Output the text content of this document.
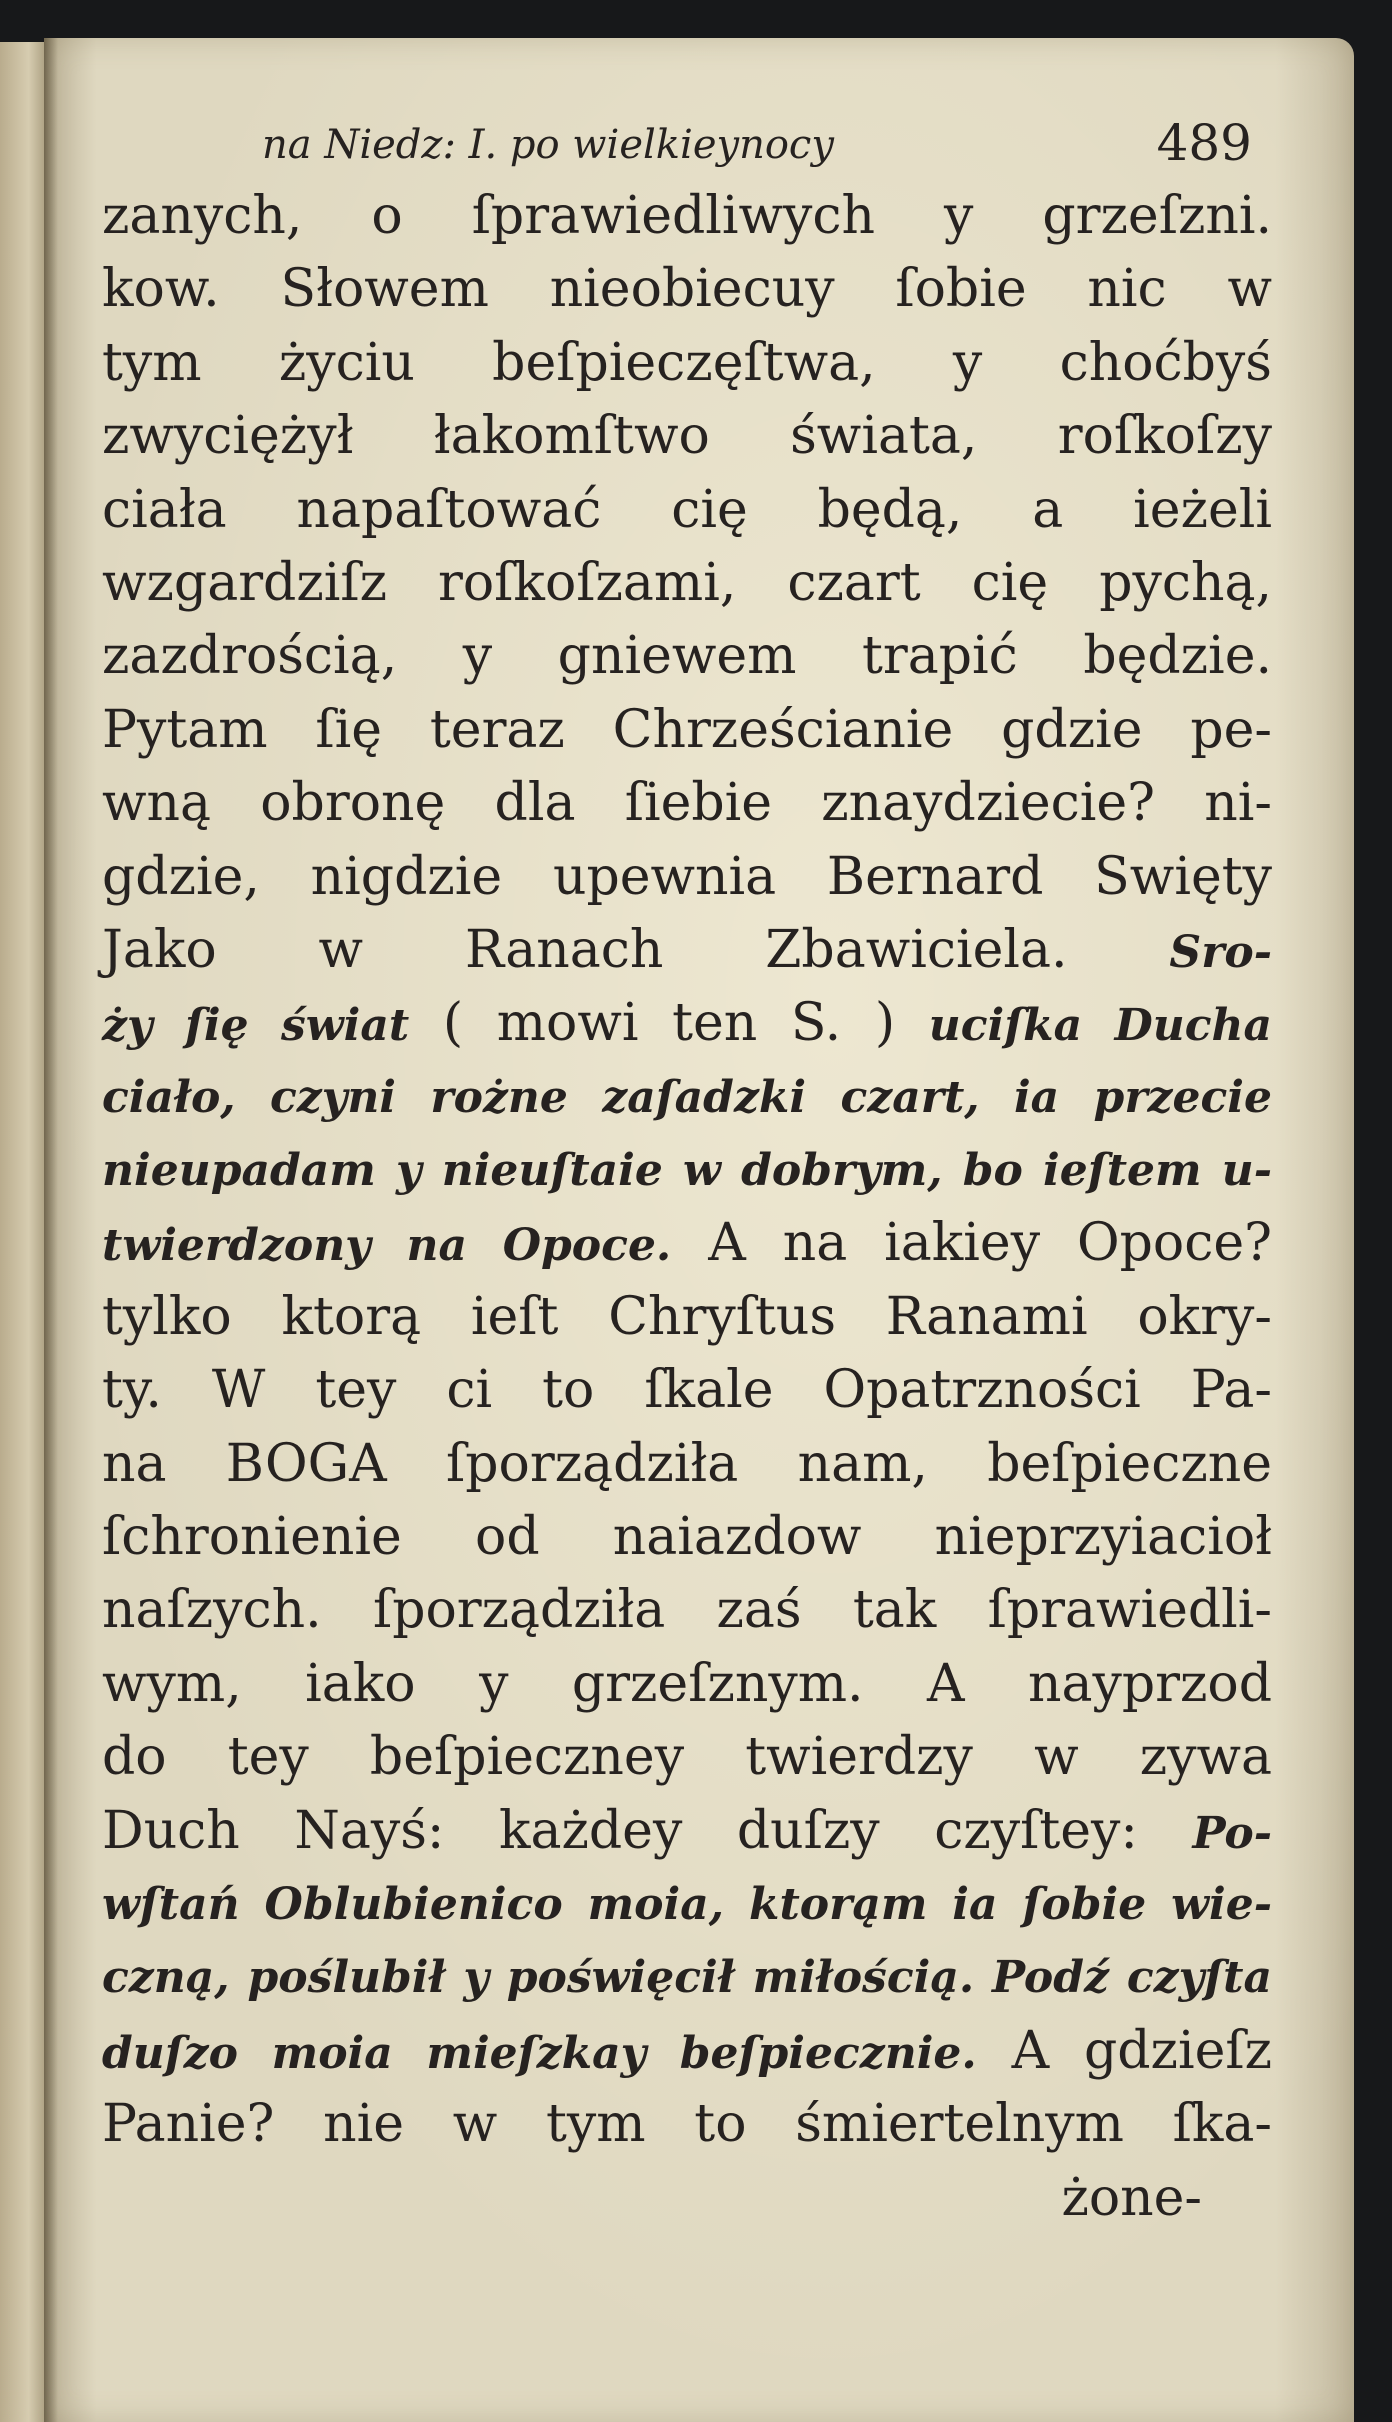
na Niedz: I. po wielkieynocy	489
zanych, o ſprawiedliwych y grzeſzni.
kow. Słowem nieobiecuy ſobie nic w
tym życiu beſpieczęſtwa, y choćbyś
zwyciężył łakomſtwo świata, roſkoſzy
ciała napaſtować cię będą, a ieżeli
wzgardziſz roſkoſzami, czart cię pychą,
zazdrością, y gniewem trapić będzie.
Pytam ſię teraz Chrześcianie gdzie pe-
wną obronę dla ſiebie znaydziecie? ni-
gdzie, nigdzie upewnia Bernard Swięty
Jako w Ranach Zbawiciela. Sro-
ży ſię świat ( mowi ten S. ) uciſka Ducha
ciało, czyni rożne zaſadzki czart, ia przecie
nieupadam y nieuſtaie w dobrym, bo ieſtem u-
twierdzony na Opoce. A na iakiey Opoce?
tylko ktorą ieſt Chryſtus Ranami okry-
ty. W tey ci to ſkale Opatrzności Pa-
na BOGA ſporządziła nam, beſpieczne
ſchronienie od naiazdow nieprzyiacioł
naſzych. ſporządziła zaś tak ſprawiedli-
wym, iako y grzeſznym. A nayprzod
do tey beſpieczney twierdzy w zywa
Duch Nayś: każdey duſzy czyſtey: Po-
wſtań Oblubienico moia, ktorąm ia ſobie wie-
czną, poślubił y poświęcił miłością. Podź czyſta
duſzo moia mieſzkay beſpiecznie. A gdzieſz
Panie? nie w tym to śmiertelnym ſka-
żone-
